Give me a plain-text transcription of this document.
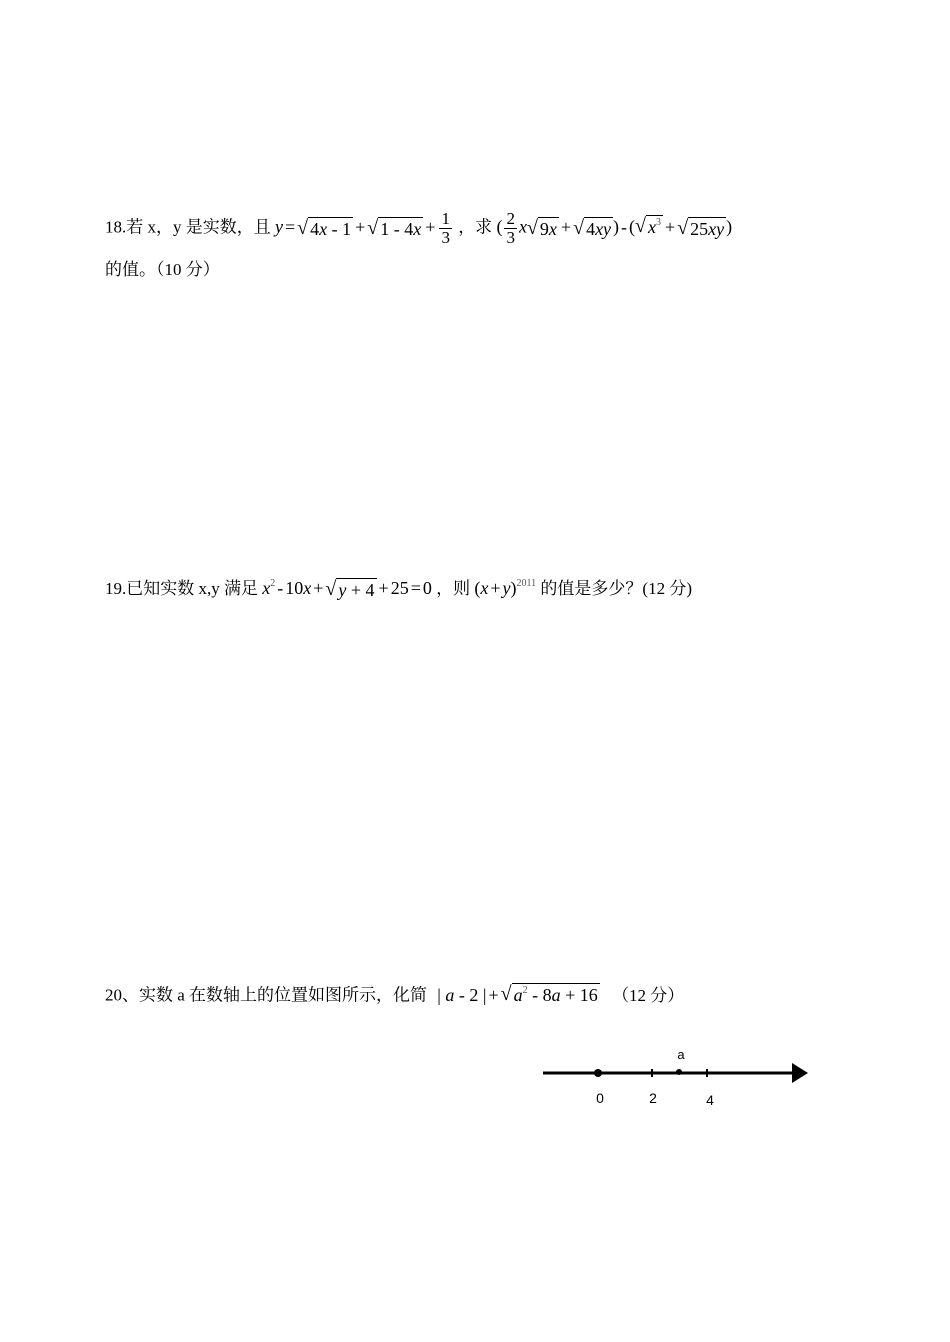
18.若 x，y 是实数，且 y = √ 4x - 1 + √ $1 - 4x + \frac{1}{3}$ ，求 ( $\frac{2}{3}$ x √ 9x + √ 4xy ) - ( √ $x^3$ + √ 25xy )
的值。（10 分）
19.已知实数 x,y 满足 $x^2 - 10x$ + √ y + 4 + 25 = 0 ，则 $(x + y)^{2011}$ 的值是多少？(12 分)
20、实数 a 在数轴上的位置如图所示，化简 | a - 2 | + √ $a^2 - 8a + 16$ （12 分）
a
0	2	4
